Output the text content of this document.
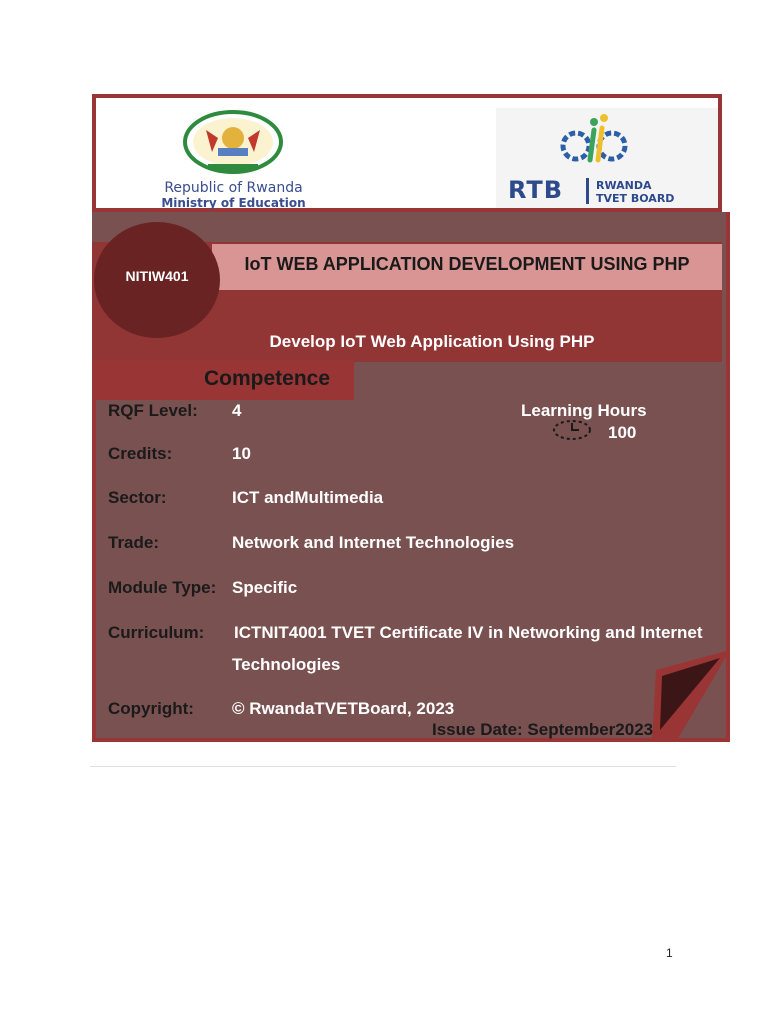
Republic of Rwanda
Ministry of Education	RTB	RWANDA
TVET BOARD
IoT WEB APPLICATION DEVELOPMENT USING PHP
NITIW401
Develop IoT Web Application Using PHP
Competence
RQF Level: 4
Credits:	10
Sector:	ICT andMultimedia
Trade:	Network and Internet Technologies
Module Type: Specific
Curriculum: ICTNIT4001 TVET Certificate IV in Networking and Internet
Technologies
Copyright: © RwandaTVETBoard, 2023
Learning Hours
100
Issue Date: September2023
1
